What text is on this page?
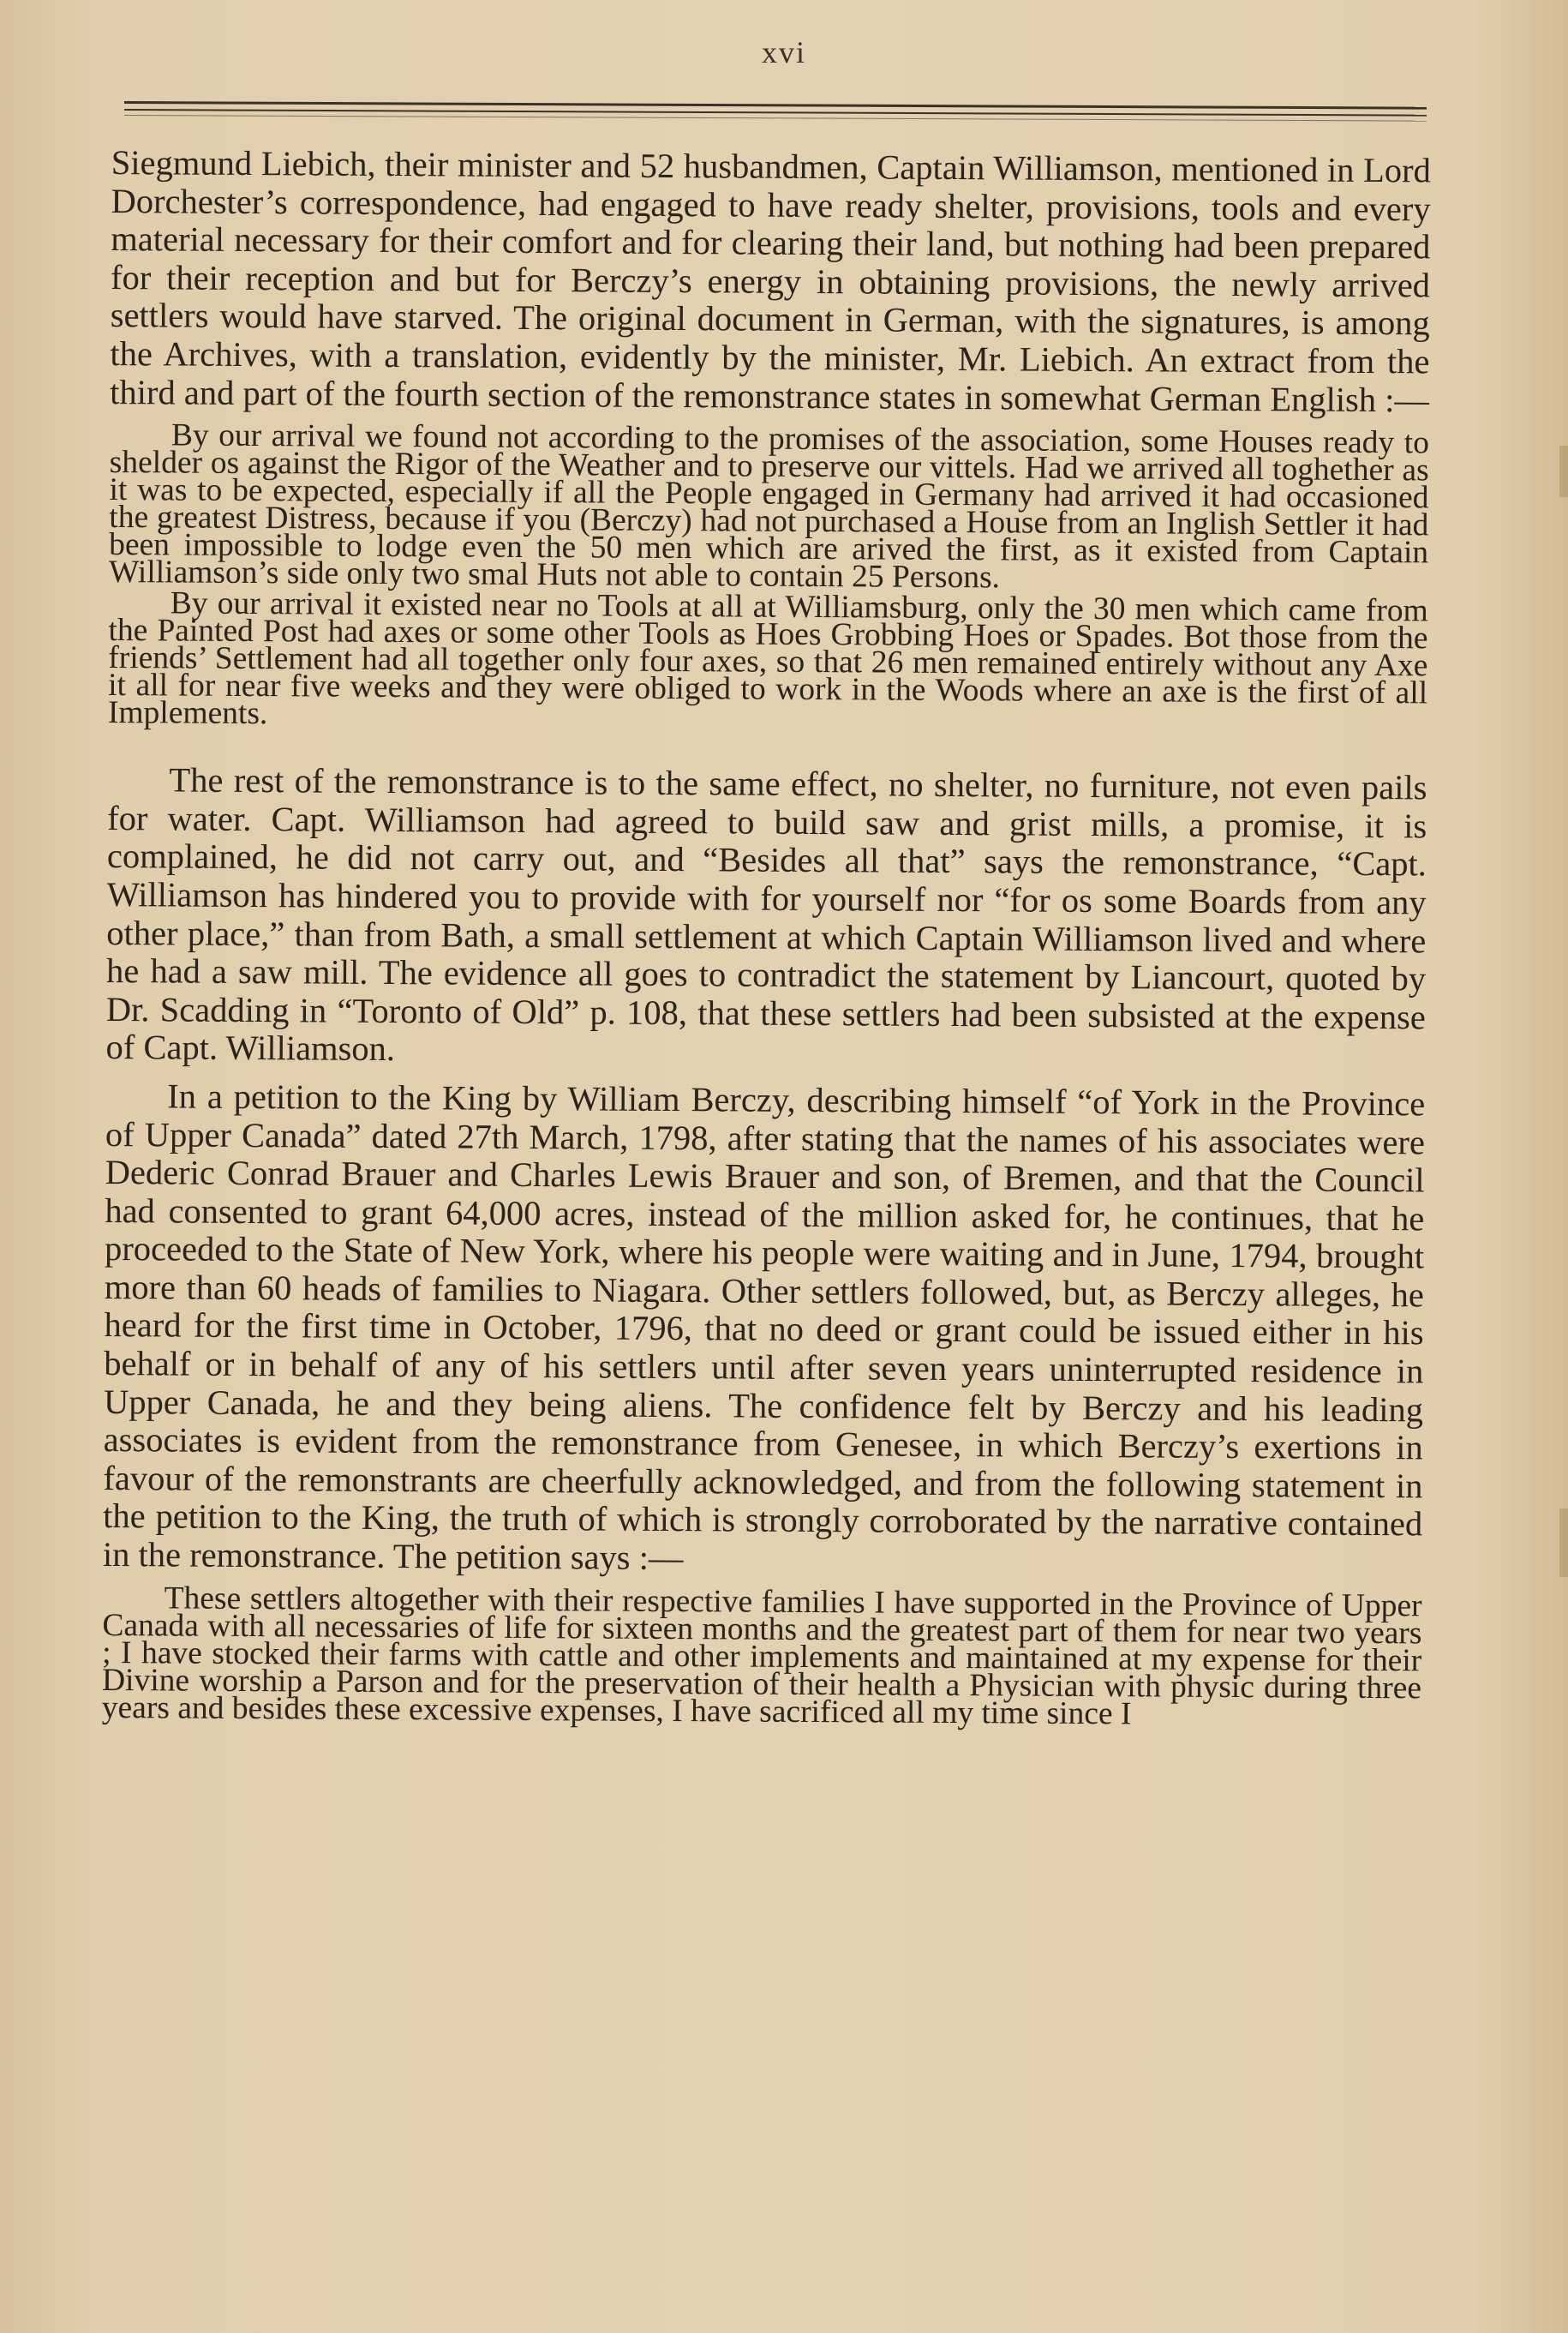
xvi

Siegmund Liebich, their minister and 52 husbandmen, Captain Williamson, mentioned in Lord Dorchester’s correspondence, had engaged to have ready shelter, provisions, tools and every material necessary for their comfort and for clearing their land, but nothing had been prepared for their reception and but for Berczy’s energy in obtaining provisions, the newly arrived settlers would have starved. The original document in German, with the signatures, is among the Archives, with a translation, evidently by the minister, Mr. Liebich. An extract from the third and part of the fourth section of the remonstrance states in somewhat German English :—

By our arrival we found not according to the promises of the association, some Houses ready to shelder os against the Rigor of the Weather and to preserve our vittels. Had we arrived all toghether as it was to be expected, especially if all the People engaged in Germany had arrived it had occasioned the greatest Distress, because if you (Berczy) had not purchased a House from an Inglish Settler it had been impossible to lodge even the 50 men which are arived the first, as it existed from Captain Williamson’s side only two smal Huts not able to contain 25 Persons.

By our arrival it existed near no Tools at all at Williamsburg, only the 30 men which came from the Painted Post had axes or some other Tools as Hoes Grobbing Hoes or Spades. Bot those from the friends’ Settlement had all together only four axes, so that 26 men remained entirely without any Axe it all for near five weeks and they were obliged to work in the Woods where an axe is the first of all Implements.

The rest of the remonstrance is to the same effect, no shelter, no furniture, not even pails for water. Capt. Williamson had agreed to build saw and grist mills, a promise, it is complained, he did not carry out, and “Besides all that” says the remonstrance, “Capt. Williamson has hindered you to provide with for yourself nor “for os some Boards from any other place,” than from Bath, a small settlement at which Captain Williamson lived and where he had a saw mill. The evidence all goes to contradict the statement by Liancourt, quoted by Dr. Scadding in “Toronto of Old” p. 108, that these settlers had been subsisted at the expense of Capt. Williamson.

In a petition to the King by William Berczy, describing himself “of York in the Province of Upper Canada” dated 27th March, 1798, after stating that the names of his associates were Dederic Conrad Brauer and Charles Lewis Brauer and son, of Bremen, and that the Council had consented to grant 64,000 acres, instead of the million asked for, he continues, that he proceeded to the State of New York, where his people were waiting and in June, 1794, brought more than 60 heads of families to Niagara. Other settlers followed, but, as Berczy alleges, he heard for the first time in October, 1796, that no deed or grant could be issued either in his behalf or in behalf of any of his settlers until after seven years uninterrupted residence in Upper Canada, he and they being aliens. The confidence felt by Berczy and his leading associates is evident from the remonstrance from Genesee, in which Berczy’s exertions in favour of the remonstrants are cheerfully acknowledged, and from the following statement in the petition to the King, the truth of which is strongly corroborated by the narrative contained in the remonstrance. The petition says :—

These settlers altogether with their respective families I have supported in the Province of Upper Canada with all necessaries of life for sixteen months and the greatest part of them for near two years ; I have stocked their farms with cattle and other implements and maintained at my expense for their Divine worship a Parson and for the preservation of their health a Physician with physic during three years and besides these excessive expenses, I have sacrificed all my time since I
